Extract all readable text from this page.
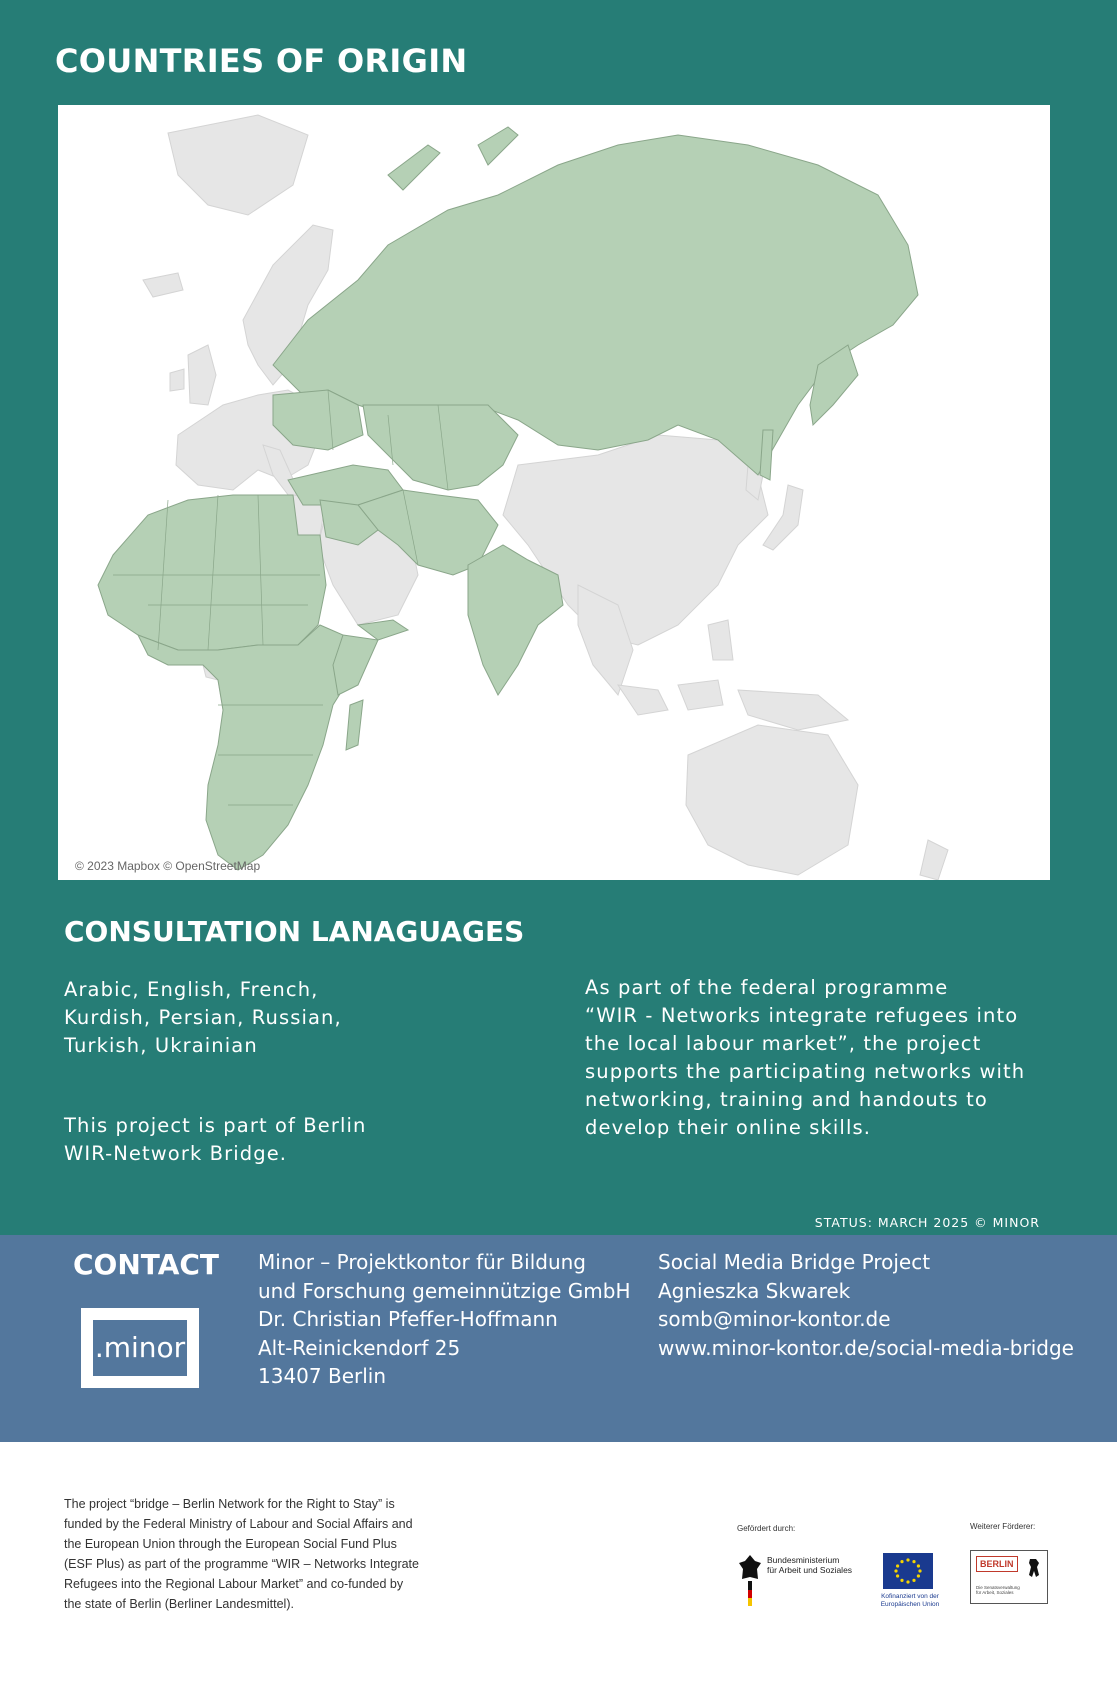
COUNTRIES OF ORIGIN
© 2023 Mapbox © OpenStreetMap
CONSULTATION LANAGUAGES
Arabic, English, French,
Kurdish, Persian, Russian,
Turkish, Ukrainian
This project is part of Berlin
WIR-Network Bridge.
As part of the federal programme
“WIR - Networks integrate refugees into
the local labour market”, the project
supports the participating networks with
networking, training and handouts to
develop their online skills.
STATUS: MARCH 2025 © MINOR
CONTACT
.minor
Minor – Projektkontor für Bildung
und Forschung gemeinnützige GmbH
Dr. Christian Pfeffer-Hoffmann
Alt-Reinickendorf 25
13407 Berlin
Social Media Bridge Project
Agnieszka Skwarek
somb@minor-kontor.de
www.minor-kontor.de/social-media-bridge
The project “bridge – Berlin Network for the Right to Stay” is
funded by the Federal Ministry of Labour and Social Affairs and
the European Union through the European Social Fund Plus
(ESF Plus) as part of the programme “WIR – Networks Integrate
Refugees into the Regional Labour Market” and co-funded by
the state of Berlin (Berliner Landesmittel).
Gefördert durch:	Weiterer Förderer:
Bundesministerium
für Arbeit und Soziales
Kofinanziert von der Europäischen Union
BERLIN
Die Senatsverwaltung für Arbeit, Soziales
